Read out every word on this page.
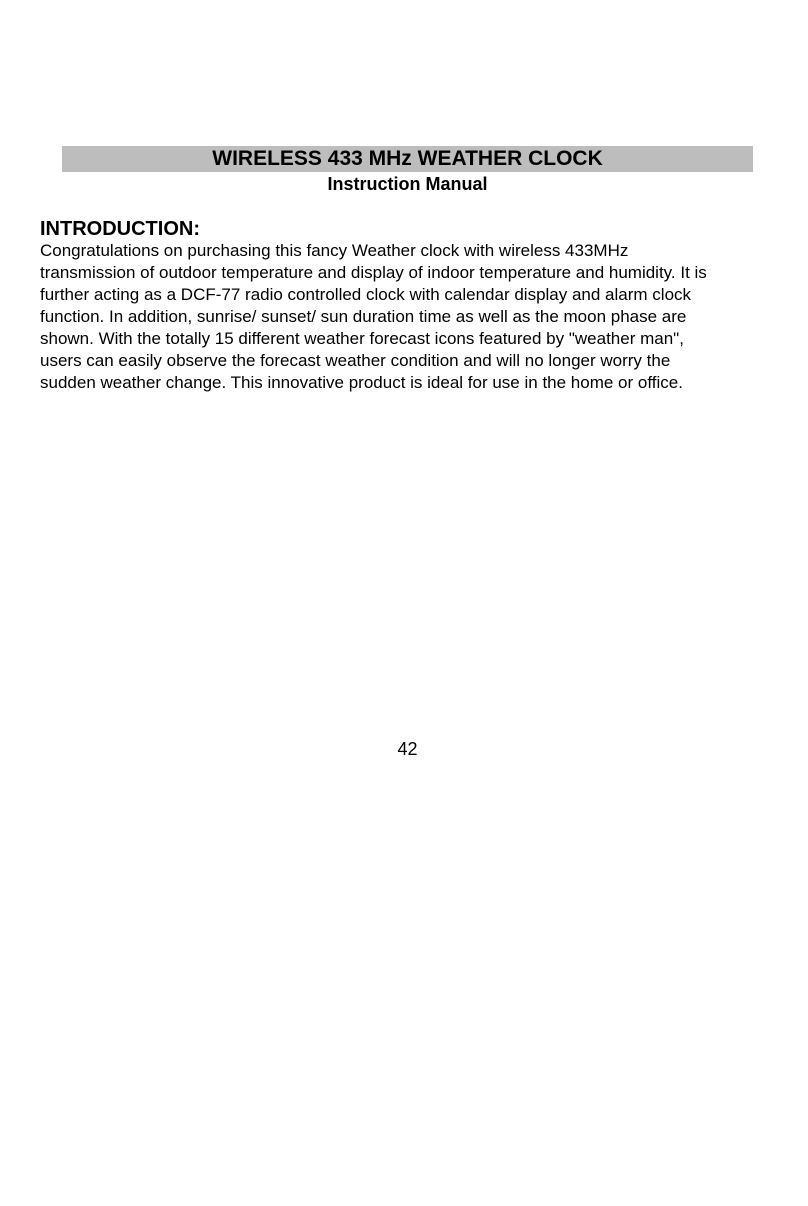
WIRELESS 433 MHz WEATHER CLOCK
Instruction Manual
INTRODUCTION:
Congratulations on purchasing this fancy Weather clock with wireless 433MHz
transmission of outdoor temperature and display of indoor temperature and humidity. It is
further acting as a DCF-77 radio controlled clock with calendar display and alarm clock
function. In addition, sunrise/ sunset/ sun duration time as well as the moon phase are
shown. With the totally 15 different weather forecast icons featured by "weather man",
users can easily observe the forecast weather condition and will no longer worry the
sudden weather change. This innovative product is ideal for use in the home or office.
42
